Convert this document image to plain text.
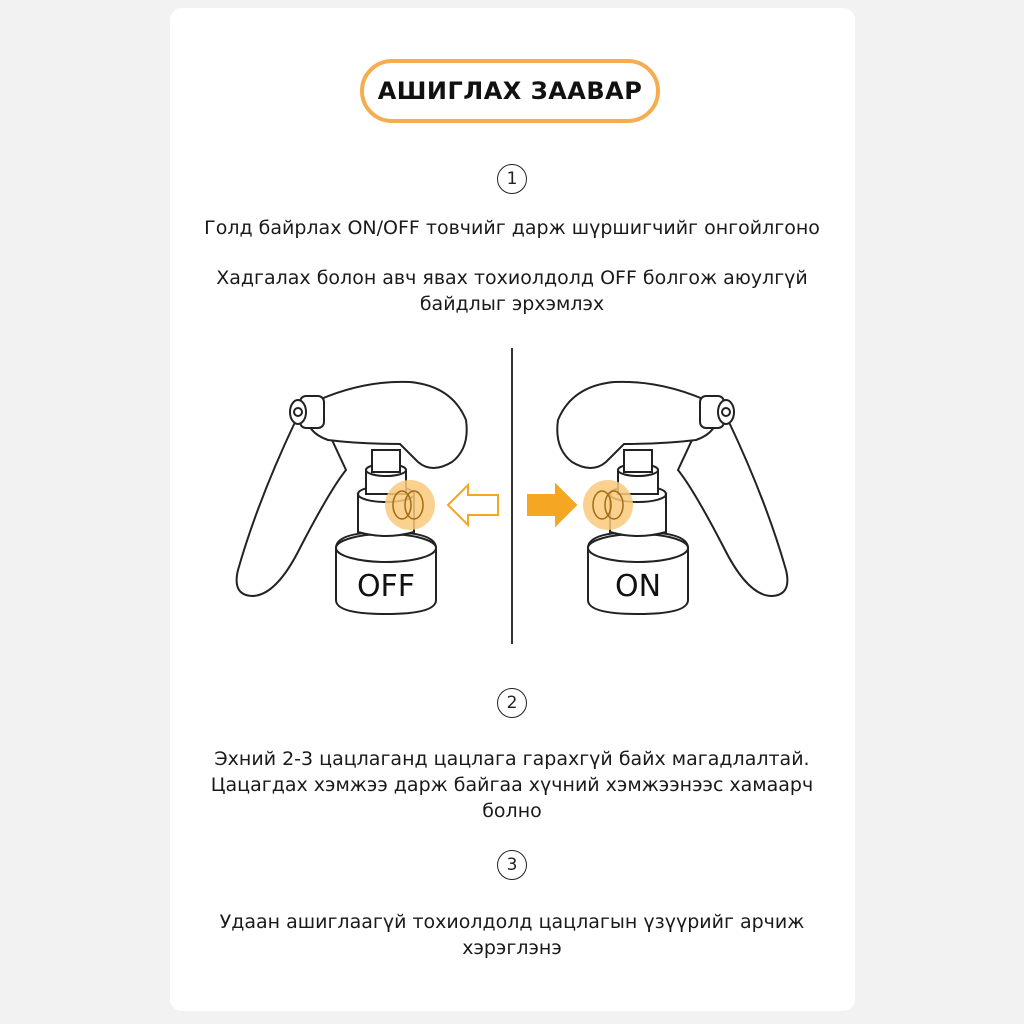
АШИГЛАХ ЗААВАР
1

Голд байрлах ON/OFF товчийг дарж шүршигчийг онгойлгоно

Хадгалах болон авч явах тохиолдолд OFF болгож аюулгүй

байдлыг эрхэмлэх

OFF	ON
2

Эхний 2-3 цацлаганд цацлага гарахгүй байх магадлалтай.

Цацагдах хэмжээ дарж байгаа хүчний хэмжээнээс хамаарч болно

3

Удаан ашиглаагүй тохиолдолд цацлагын үзүүрийг арчиж

хэрэглэнэ
